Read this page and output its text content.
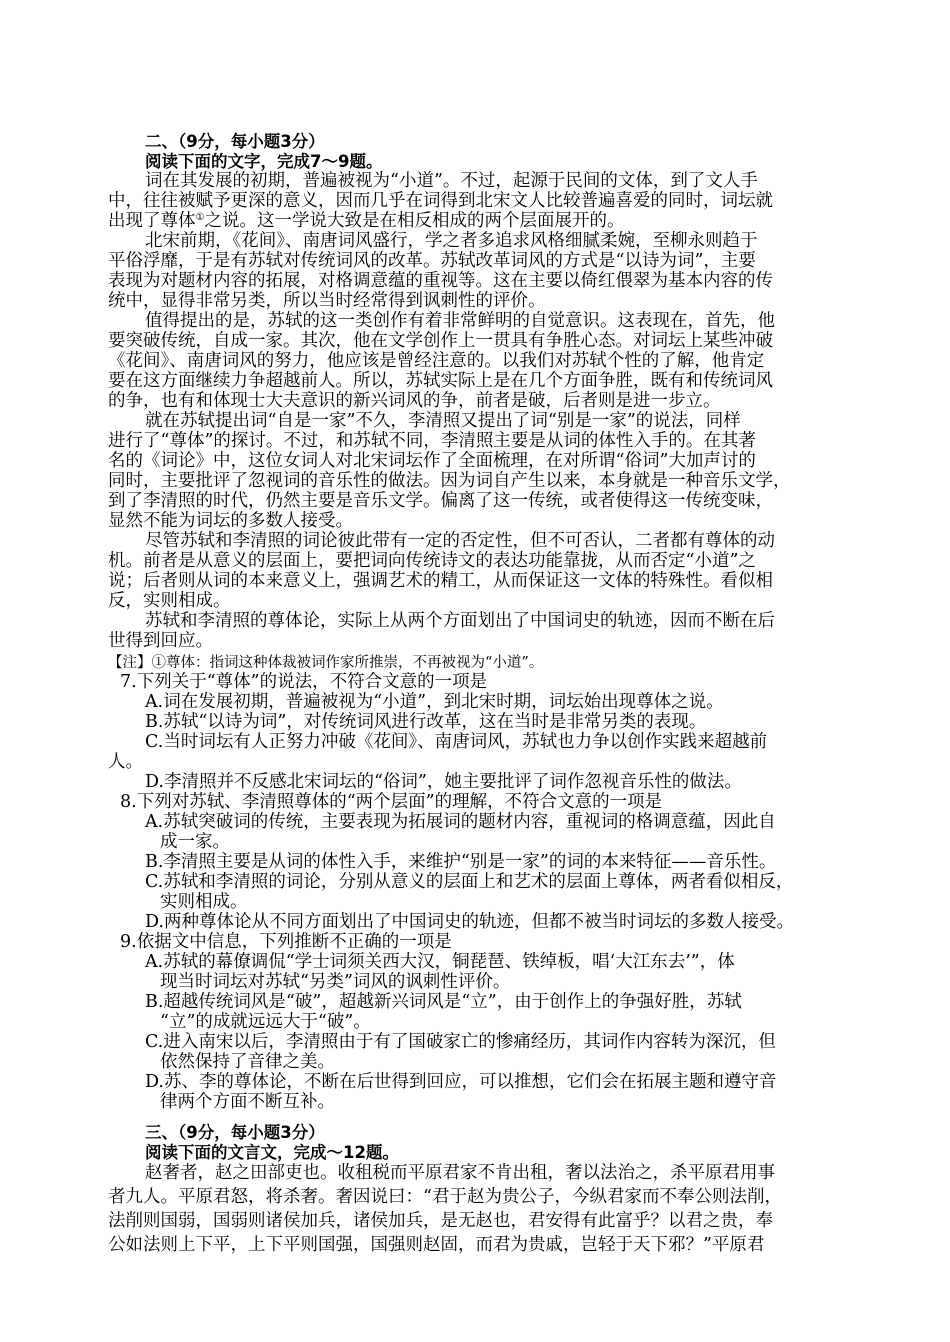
二、（9分，每小题3分）
阅读下面的文字，完成7～9题。
词在其发展的初期，普遍被视为“小道”。不过，起源于民间的文体，到了文人手
中，往往被赋予更深的意义，因而几乎在词得到北宋文人比较普遍喜爱的同时，词坛就
出现了尊体①之说。这一学说大致是在相反相成的两个层面展开的。
北宋前期，《花间》、南唐词风盛行，学之者多追求风格细腻柔婉，至柳永则趋于
平俗浮靡，于是有苏轼对传统词风的改革。苏轼改革词风的方式是“以诗为词”，主要
表现为对题材内容的拓展，对格调意蕴的重视等。这在主要以倚红偎翠为基本内容的传
统中，显得非常另类，所以当时经常得到讽刺性的评价。
值得提出的是，苏轼的这一类创作有着非常鲜明的自觉意识。这表现在，首先，他
要突破传统，自成一家。其次，他在文学创作上一贯具有争胜心态。对词坛上某些冲破
《花间》、南唐词风的努力，他应该是曾经注意的。以我们对苏轼个性的了解，他肯定
要在这方面继续力争超越前人。所以，苏轼实际上是在几个方面争胜，既有和传统词风
的争，也有和体现士大夫意识的新兴词风的争，前者是破，后者则是进一步立。
就在苏轼提出词“自是一家”不久，李清照又提出了词“别是一家”的说法，同样
进行了“尊体”的探讨。不过，和苏轼不同，李清照主要是从词的体性入手的。在其著
名的《词论》中，这位女词人对北宋词坛作了全面梳理，在对所谓“俗词”大加声讨的
同时，主要批评了忽视词的音乐性的做法。因为词自产生以来，本身就是一种音乐文学，
到了李清照的时代，仍然主要是音乐文学。偏离了这一传统，或者使得这一传统变味，
显然不能为词坛的多数人接受。
尽管苏轼和李清照的词论彼此带有一定的否定性，但不可否认，二者都有尊体的动
机。前者是从意义的层面上，要把词向传统诗文的表达功能靠拢，从而否定“小道”之
说；后者则从词的本来意义上，强调艺术的精工，从而保证这一文体的特殊性。看似相
反，实则相成。
苏轼和李清照的尊体论，实际上从两个方面划出了中国词史的轨迹，因而不断在后
世得到回应。
【注】①尊体：指词这种体裁被词作家所推崇，不再被视为“小道”。
7.下列关于“尊体”的说法，不符合文意的一项是
A.词在发展初期，普遍被视为“小道”，到北宋时期，词坛始出现尊体之说。
B.苏轼“以诗为词”，对传统词风进行改革，这在当时是非常另类的表现。
C.当时词坛有人正努力冲破《花间》、南唐词风，苏轼也力争以创作实践来超越前
人。
D.李清照并不反感北宋词坛的“俗词”，她主要批评了词作忽视音乐性的做法。
8.下列对苏轼、李清照尊体的“两个层面”的理解，不符合文意的一项是
A.苏轼突破词的传统，主要表现为拓展词的题材内容，重视词的格调意蕴，因此自
成一家。
B.李清照主要是从词的体性入手，来维护“别是一家”的词的本来特征——音乐性。
C.苏轼和李清照的词论，分别从意义的层面上和艺术的层面上尊体，两者看似相反，
实则相成。
D.两种尊体论从不同方面划出了中国词史的轨迹，但都不被当时词坛的多数人接受。
9.依据文中信息，下列推断不正确的一项是
A.苏轼的幕僚调侃“学士词须关西大汉，铜琵琶、铁绰板，唱‘大江东去’”，体
现当时词坛对苏轼“另类”词风的讽刺性评价。
B.超越传统词风是“破”，超越新兴词风是“立”，由于创作上的争强好胜，苏轼
“立”的成就远远大于“破”。
C.进入南宋以后，李清照由于有了国破家亡的惨痛经历，其词作内容转为深沉，但
依然保持了音律之美。
D.苏、李的尊体论，不断在后世得到回应，可以推想，它们会在拓展主题和遵守音
律两个方面不断互补。
三、（9分，每小题3分）
阅读下面的文言文，完成～12题。
赵奢者，赵之田部吏也。收租税而平原君家不肯出租，奢以法治之，杀平原君用事
者九人。平原君怒，将杀奢。奢因说曰：“君于赵为贵公子，今纵君家而不奉公则法削，
法削则国弱，国弱则诸侯加兵，诸侯加兵，是无赵也，君安得有此富乎？以君之贵，奉
公如法则上下平，上下平则国强，国强则赵固，而君为贵戚，岂轻于天下邪？”平原君
